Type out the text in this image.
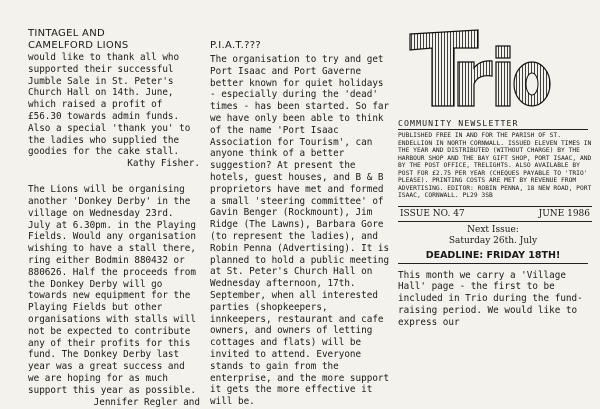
TINTAGEL AND
CAMELFORD LIONS
would like to thank all who supported their successful Jumble Sale in St. Peter's Church Hall on 14th. June, which raised a profit of £56.30 towards admin funds. Also a special 'thank you' to the ladies who supplied the goodies for the cake stall.
Kathy Fisher.
The Lions will be organising another 'Donkey Derby' in the village on Wednesday 23rd. July at 6.30pm. in the Playing Fields. Would any organisation wishing to have a stall there, ring either Bodmin 880432 or 880626. Half the proceeds from the Donkey Derby will go towards new equipment for the Playing Fields but other organisations with stalls will not be expected to contribute any of their profits for this fund. The Donkey Derby last year was a great success and we are hoping for as much support this year as possible.
Jennifer Regler and
P.I.A.T.???
The organisation to try and get Port Isaac and Port Gaverne better known for quiet holidays - especially during the 'dead' times - has been started. So far we have only been able to think of the name 'Port Isaac Association for Tourism', can anyone think of a better suggestion? At present the hotels, guest houses, and B & B proprietors have met and formed a small 'steering committee' of Gavin Benger (Rockmount), Jim Ridge (The Lawns), Barbara Gore (to represent the ladies), and Robin Penna (Advertising). It is planned to hold a public meeting at St. Peter's Church Hall on Wednesday afternoon, 17th. September, when all interested parties (shopkeepers, innkeepers, restaurant and cafe owners, and owners of letting cottages and flats) will be invited to attend. Everyone stands to gain from the enterprise, and the more support it gets the more effective it will be.
COMMUNITY NEWSLETTER
PUBLISHED FREE IN AND FOR THE PARISH OF ST. ENDELLION IN NORTH CORNWALL. ISSUED ELEVEN TIMES IN THE YEAR AND DISTRIBUTED (WITHOUT CHARGE) BY THE HARBOUR SHOP AND THE BAY GIFT SHOP, PORT ISAAC, AND BY THE POST OFFICE, TRELIGHTS. ALSO AVAILABLE BY POST FOR £2.75 PER YEAR (CHEQUES PAYABLE TO 'TRIO' PLEASE). PRINTING COSTS ARE MET BY REVENUE FROM ADVERTISING. EDITOR: ROBIN PENNA, 18 NEW ROAD, PORT ISAAC, CORNWALL. PL29 3SB
ISSUE NO. 47	JUNE 1986
Next Issue:
Saturday 26th. July
DEADLINE: FRIDAY 18TH!
This month we carry a 'Village Hall' page - the first to be included in Trio during the fund-raising period. We would like to express our
